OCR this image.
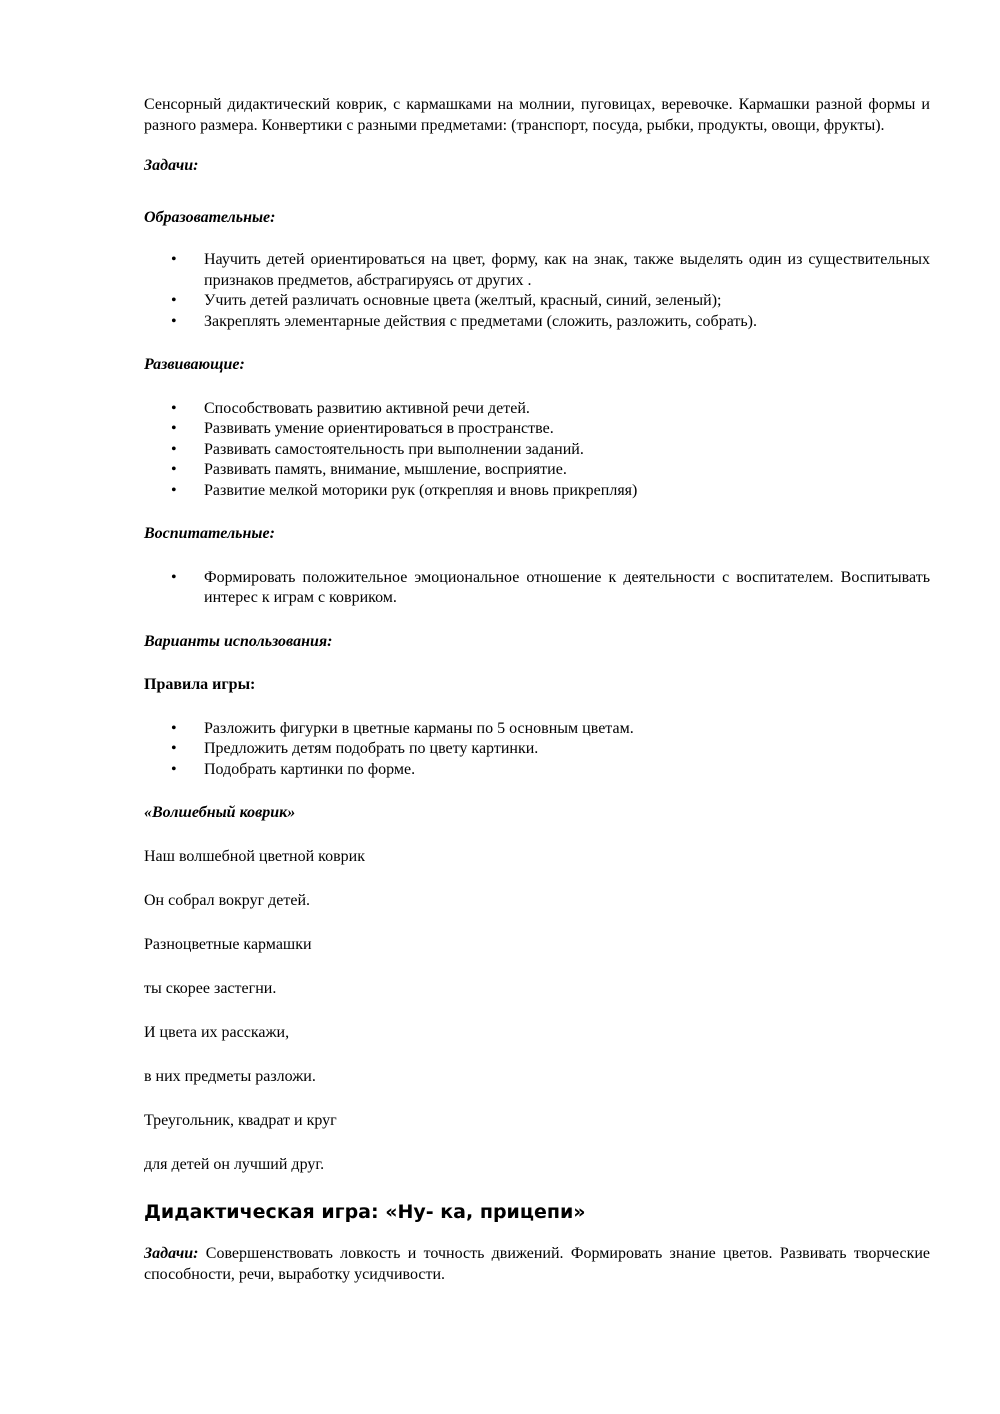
Сенсорный дидактический коврик, с кармашками на молнии, пуговицах, веревочке. Кармашки разной формы и разного размера. Конвертики с разными предметами: (транспорт, посуда, рыбки, продукты, овощи, фрукты).

Задачи:

Образовательные:

• Научить детей ориентироваться на цвет, форму, как на знак, также выделять один из существительных признаков предметов, абстрагируясь от других .
• Учить детей различать основные цвета (желтый, красный, синий, зеленый);
• Закреплять элементарные действия с предметами (сложить, разложить, собрать).

Развивающие:

• Способствовать развитию активной речи детей.
• Развивать умение ориентироваться в пространстве.
• Развивать самостоятельность при выполнении заданий.
• Развивать память, внимание, мышление, восприятие.
• Развитие мелкой моторики рук (открепляя и вновь прикрепляя)

Воспитательные:

• Формировать положительное эмоциональное отношение к деятельности с воспитателем. Воспитывать интерес к играм с ковриком.

Варианты использования:

Правила игры:

• Разложить фигурки в цветные карманы по 5 основным цветам.
• Предложить детям подобрать по цвету картинки.
• Подобрать картинки по форме.

«Волшебный коврик»

Наш волшебной цветной коврик

Он собрал вокруг детей.

Разноцветные кармашки

ты скорее застегни.

И цвета их расскажи,

в них предметы разложи.

Треугольник, квадрат и круг

для детей он лучший друг.

Дидактическая игра: «Ну- ка, прицепи»

Задачи: Совершенствовать ловкость и точность движений. Формировать знание цветов. Развивать творческие способности, речи, выработку усидчивости.
